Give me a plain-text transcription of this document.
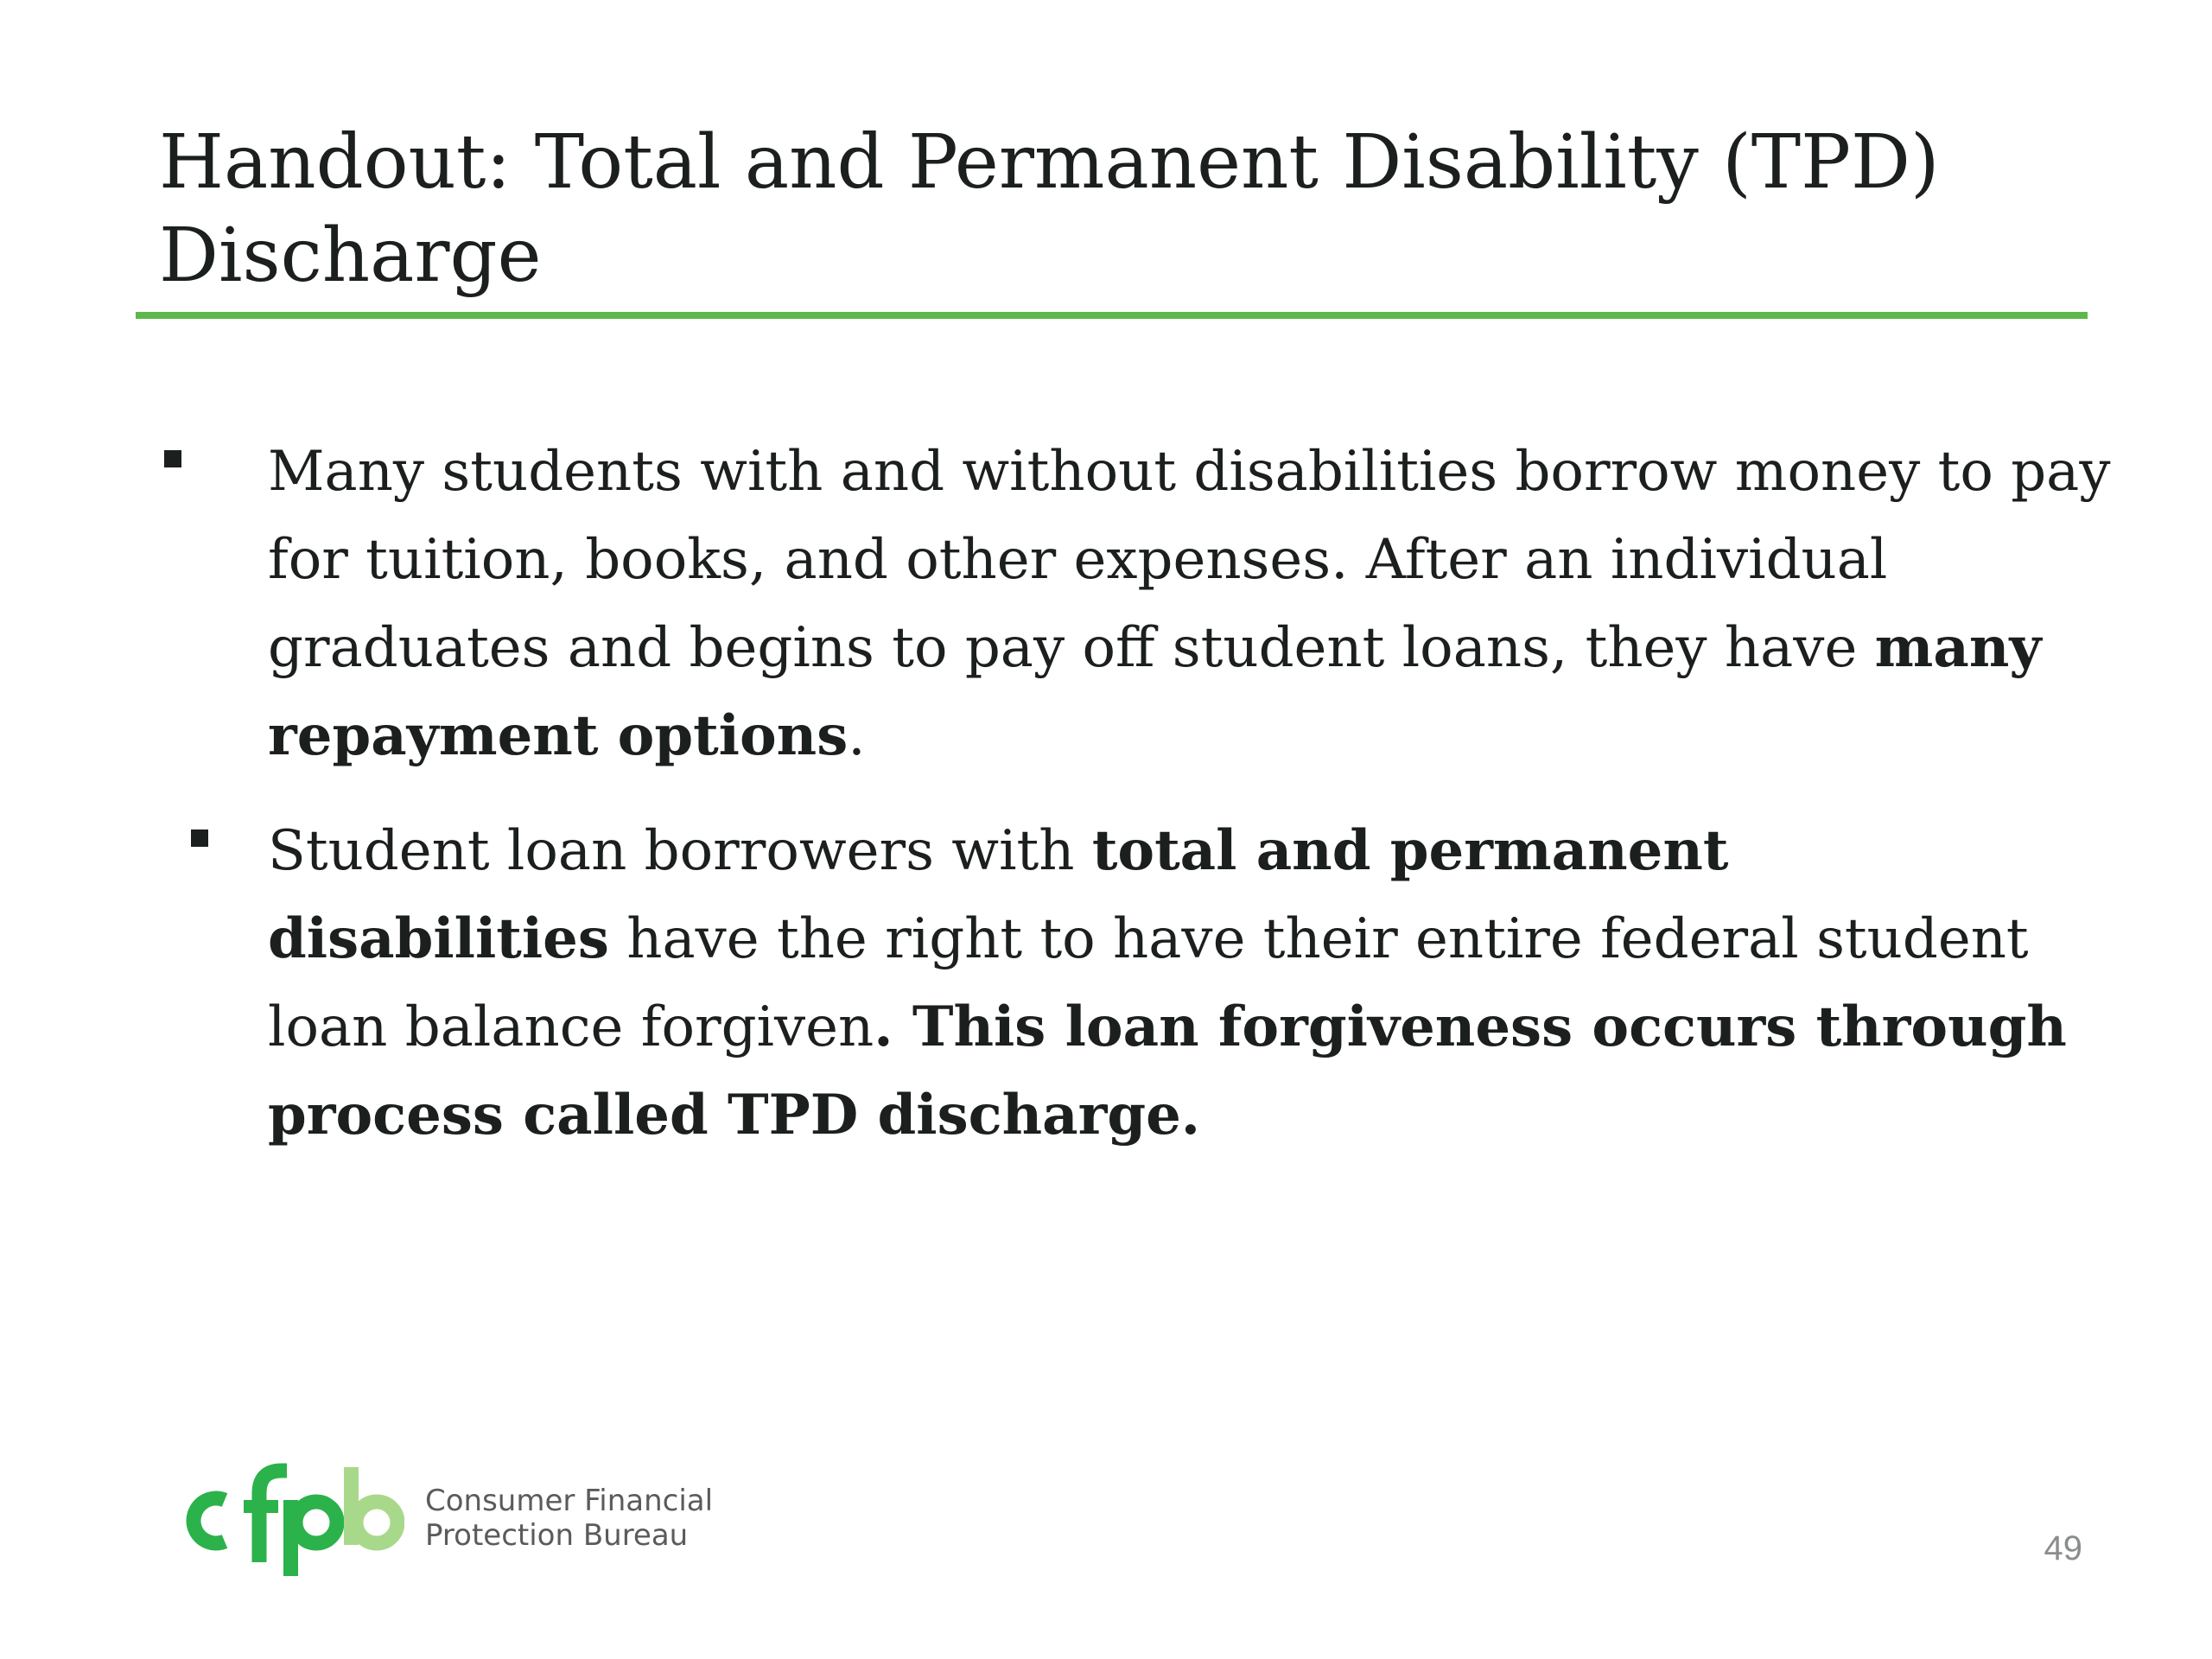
Handout: Total and Permanent Disability (TPD)
Discharge
Many students with and without disabilities borrow money to pay
for tuition, books, and other expenses. After an individual
graduates and begins to pay off student loans, they have many
repayment options.
Student loan borrowers with total and permanent
disabilities have the right to have their entire federal student
loan balance forgiven. This loan forgiveness occurs through
process called TPD discharge.
Consumer Financial
Protection Bureau	49
